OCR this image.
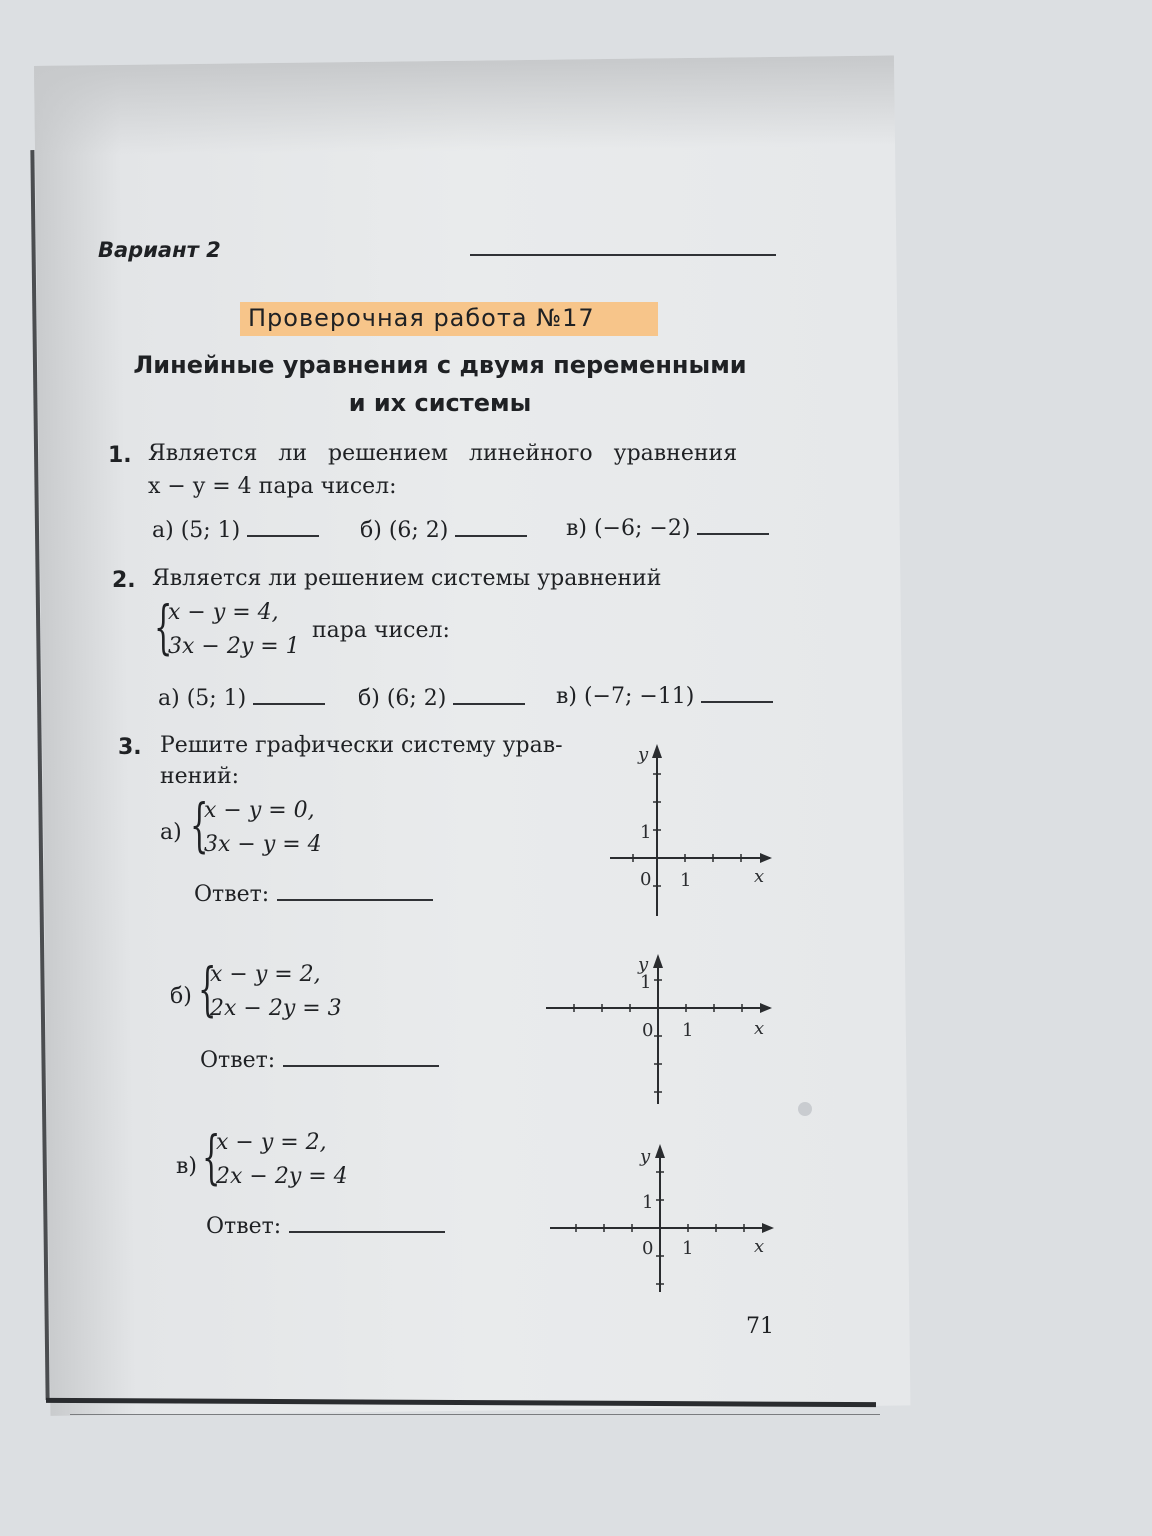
Вариант 2
Проверочная работа №17
Линейные уравнения с двумя переменными
и их системы
1. Является   ли   решением   линейного   уравнения
x − y = 4 пара чисел:
а) (5; 1)	б) (6; 2)	в) (−6; −2)
2. Является ли решением системы уравнений
{
x − y = 4,
3x − 2y = 1
пара чисел:
а) (5; 1)	б) (6; 2)	в) (−7; −11)
3. Решите графически систему урав-
нений:
а) {
x − y = 0,
3x − y = 4
Ответ:
б) {
x − y = 2,
2x − 2y = 3
Ответ:
в) {
x − y = 2,
2x − 2y = 4
Ответ:
y
1
0 1	x
y
1
0 1	x
y
1
0 1	x
71
